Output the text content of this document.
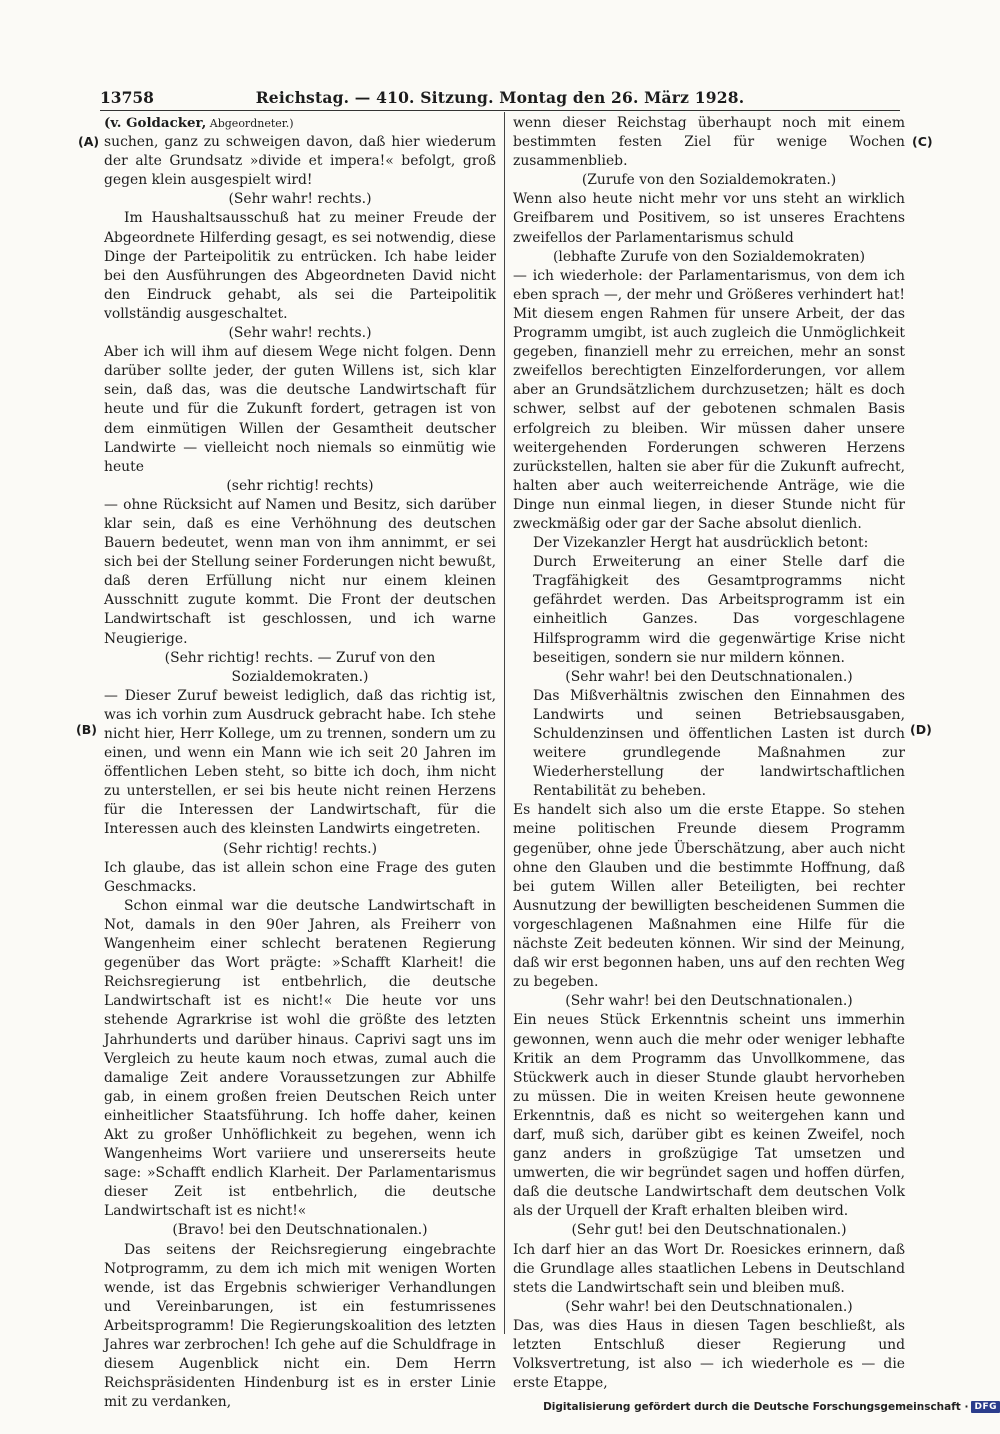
13758	Reichstag. — 410. Sitzung. Montag den 26. März 1928.

(v. Goldacker, Abgeordneter.)

suchen, ganz zu schweigen davon, daß hier wiederum der alte Grundsatz »divide et impera!« befolgt, groß gegen klein ausgespielt wird!

(Sehr wahr! rechts.)

Im Haushaltsausschuß hat zu meiner Freude der Abgeordnete Hilferding gesagt, es sei notwendig, diese Dinge der Parteipolitik zu entrücken. Ich habe leider bei den Ausführungen des Abgeordneten David nicht den Eindruck gehabt, als sei die Parteipolitik vollständig ausgeschaltet.

(Sehr wahr! rechts.)

Aber ich will ihm auf diesem Wege nicht folgen. Denn darüber sollte jeder, der guten Willens ist, sich klar sein, daß das, was die deutsche Landwirtschaft für heute und für die Zukunft fordert, getragen ist von dem einmütigen Willen der Gesamtheit deutscher Landwirte — vielleicht noch niemals so einmütig wie heute

(sehr richtig! rechts)

— ohne Rücksicht auf Namen und Besitz, sich darüber klar sein, daß es eine Verhöhnung des deutschen Bauern bedeutet, wenn man von ihm annimmt, er sei sich bei der Stellung seiner Forderungen nicht bewußt, daß deren Erfüllung nicht nur einem kleinen Ausschnitt zugute kommt. Die Front der deutschen Landwirtschaft ist geschlossen, und ich warne Neugierige.

(Sehr richtig! rechts. — Zuruf von den Sozialdemokraten.)

— Dieser Zuruf beweist lediglich, daß das richtig ist, was ich vorhin zum Ausdruck gebracht habe. Ich stehe nicht hier, Herr Kollege, um zu trennen, sondern um zu einen, und wenn ein Mann wie ich seit 20 Jahren im öffentlichen Leben steht, so bitte ich doch, ihm nicht zu unterstellen, er sei bis heute nicht reinen Herzens für die Interessen der Landwirtschaft, für die Interessen auch des kleinsten Landwirts eingetreten.

(Sehr richtig! rechts.)

Ich glaube, das ist allein schon eine Frage des guten Geschmacks.

Schon einmal war die deutsche Landwirtschaft in Not, damals in den 90er Jahren, als Freiherr von Wangenheim einer schlecht beratenen Regierung gegenüber das Wort prägte: »Schafft Klarheit! die Reichsregierung ist entbehrlich, die deutsche Landwirtschaft ist es nicht!« Die heute vor uns stehende Agrarkrise ist wohl die größte des letzten Jahrhunderts und darüber hinaus. Caprivi sagt uns im Vergleich zu heute kaum noch etwas, zumal auch die damalige Zeit andere Voraussetzungen zur Abhilfe gab, in einem großen freien Deutschen Reich unter einheitlicher Staatsführung. Ich hoffe daher, keinen Akt zu großer Unhöflichkeit zu begehen, wenn ich Wangenheims Wort variiere und unsererseits heute sage: »Schafft endlich Klarheit. Der Parlamentarismus dieser Zeit ist entbehrlich, die deutsche Landwirtschaft ist es nicht!«

(Bravo! bei den Deutschnationalen.)

Das seitens der Reichsregierung eingebrachte Notprogramm, zu dem ich mich mit wenigen Worten wende, ist das Ergebnis schwieriger Verhandlungen und Vereinbarungen, ist ein festumrissenes Arbeitsprogramm! Die Regierungskoalition des letzten Jahres war zerbrochen! Ich gehe auf die Schuldfrage in diesem Augenblick nicht ein. Dem Herrn Reichspräsidenten Hindenburg ist es in erster Linie mit zu verdanken,

wenn dieser Reichstag überhaupt noch mit einem bestimmten festen Ziel für wenige Wochen zusammenblieb.

(Zurufe von den Sozialdemokraten.)

Wenn also heute nicht mehr vor uns steht an wirklich Greifbarem und Positivem, so ist unseres Erachtens zweifellos der Parlamentarismus schuld

(lebhafte Zurufe von den Sozialdemokraten)

— ich wiederhole: der Parlamentarismus, von dem ich eben sprach —, der mehr und Größeres verhindert hat! Mit diesem engen Rahmen für unsere Arbeit, der das Programm umgibt, ist auch zugleich die Unmöglichkeit gegeben, finanziell mehr zu erreichen, mehr an sonst zweifellos berechtigten Einzelforderungen, vor allem aber an Grundsätzlichem durchzusetzen; hält es doch schwer, selbst auf der gebotenen schmalen Basis erfolgreich zu bleiben. Wir müssen daher unsere weitergehenden Forderungen schweren Herzens zurückstellen, halten sie aber für die Zukunft aufrecht, halten aber auch weiterreichende Anträge, wie die Dinge nun einmal liegen, in dieser Stunde nicht für zweckmäßig oder gar der Sache absolut dienlich.

Der Vizekanzler Hergt hat ausdrücklich betont:

Durch Erweiterung an einer Stelle darf die Tragfähigkeit des Gesamtprogramms nicht gefährdet werden. Das Arbeitsprogramm ist ein einheitlich Ganzes. Das vorgeschlagene Hilfsprogramm wird die gegenwärtige Krise nicht beseitigen, sondern sie nur mildern können.

(Sehr wahr! bei den Deutschnationalen.)

Das Mißverhältnis zwischen den Einnahmen des Landwirts und seinen Betriebsausgaben, Schuldenzinsen und öffentlichen Lasten ist durch weitere grundlegende Maßnahmen zur Wiederherstellung der landwirtschaftlichen Rentabilität zu beheben.

Es handelt sich also um die erste Etappe. So stehen meine politischen Freunde diesem Programm gegenüber, ohne jede Überschätzung, aber auch nicht ohne den Glauben und die bestimmte Hoffnung, daß bei gutem Willen aller Beteiligten, bei rechter Ausnutzung der bewilligten bescheidenen Summen die vorgeschlagenen Maßnahmen eine Hilfe für die nächste Zeit bedeuten können. Wir sind der Meinung, daß wir erst begonnen haben, uns auf den rechten Weg zu begeben.

(Sehr wahr! bei den Deutschnationalen.)

Ein neues Stück Erkenntnis scheint uns immerhin gewonnen, wenn auch die mehr oder weniger lebhafte Kritik an dem Programm das Unvollkommene, das Stückwerk auch in dieser Stunde glaubt hervorheben zu müssen. Die in weiten Kreisen heute gewonnene Erkenntnis, daß es nicht so weitergehen kann und darf, muß sich, darüber gibt es keinen Zweifel, noch ganz anders in großzügige Tat umsetzen und umwerten, die wir begründet sagen und hoffen dürfen, daß die deutsche Landwirtschaft dem deutschen Volk als der Urquell der Kraft erhalten bleiben wird.

(Sehr gut! bei den Deutschnationalen.)

Ich darf hier an das Wort Dr. Roesickes erinnern, daß die Grundlage alles staatlichen Lebens in Deutschland stets die Landwirtschaft sein und bleiben muß.

(Sehr wahr! bei den Deutschnationalen.)

Das, was dies Haus in diesen Tagen beschließt, als letzten Entschluß dieser Regierung und Volksvertretung, ist also — ich wiederhole es — die erste Etappe,

(A)
(B)
(C)
(D)
Digitalisierung gefördert durch die Deutsche Forschungsgemeinschaft · DFG
